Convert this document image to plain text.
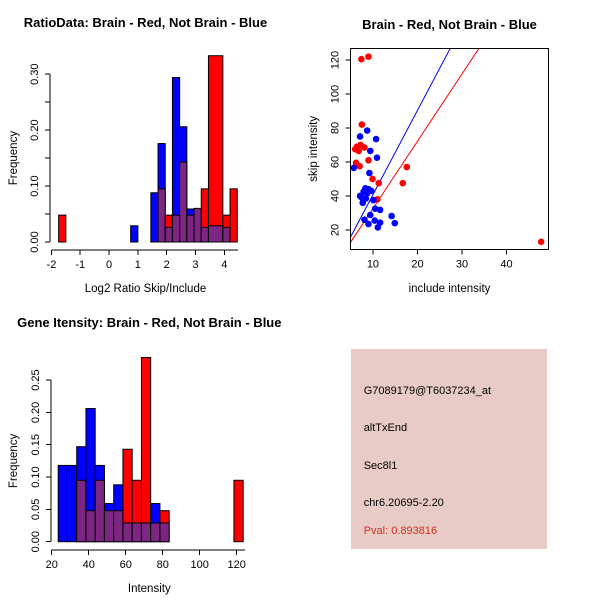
RatioData: Brain - Red, Not Brain - Blue
-2 -1 0 1 2 3 4
Log2 Ratio Skip/Include
0.00
0.10
0.20
0.30
Frequency
Brain - Red, Not Brain - Blue
10	20	30	40
20
40
60
80
100
120
include intensity
skip intensity
Gene Itensity: Brain - Red, Not Brain - Blue
20 40 60 80 100 120
Intensity
0.00
0.05
0.10
0.15
0.20
0.25
Frequency
G7089179@T6037234_at
altTxEnd
Sec8l1
chr6.20695-2.20
Pval: 0.893816
